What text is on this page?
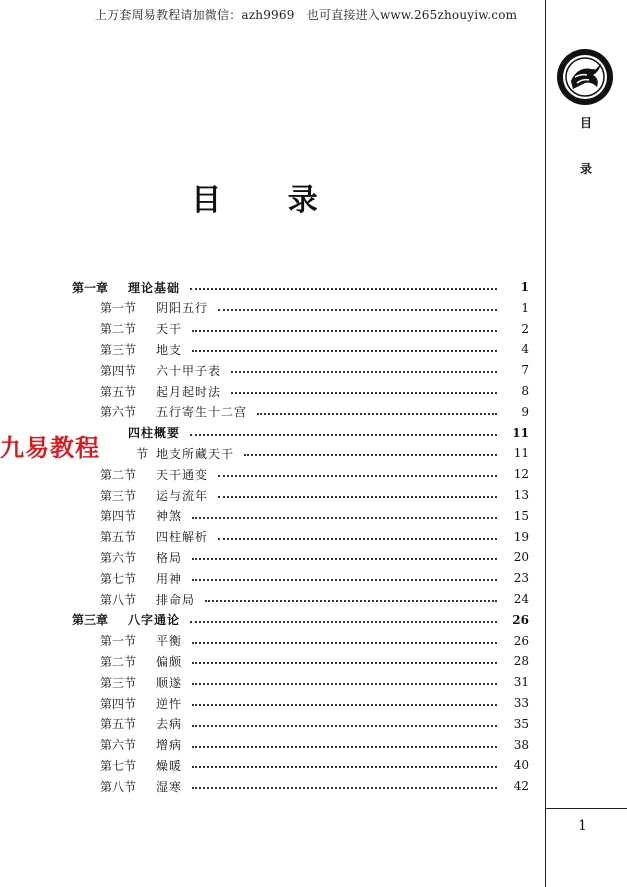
上万套周易教程请加微信：azh9969　也可直接进入www.265zhouyiw.com
目
录
目 录
第一章	理论基础	1
第一节	阴阳五行	1
第二节	天干	2
第三节	地支	4
第四节	六十甲子表	7
第五节	起月起时法	8
第六节	五行寄生十二宫	9
四柱概要	11
节 地支所藏天干	11
第二节	天干通变	12
第三节	运与流年	13
第四节	神煞	15
第五节	四柱解析	19
第六节	格局	20
第七节	用神	23
第八节	排命局	24
第三章	八字通论	26
第一节	平衡	26
第二节	偏颇	28
第三节	顺遂	31
第四节	逆忤	33
第五节	去病	35
第六节	增病	38
第七节	燥暖	40
第八节	湿寒	42
九易教程
1
